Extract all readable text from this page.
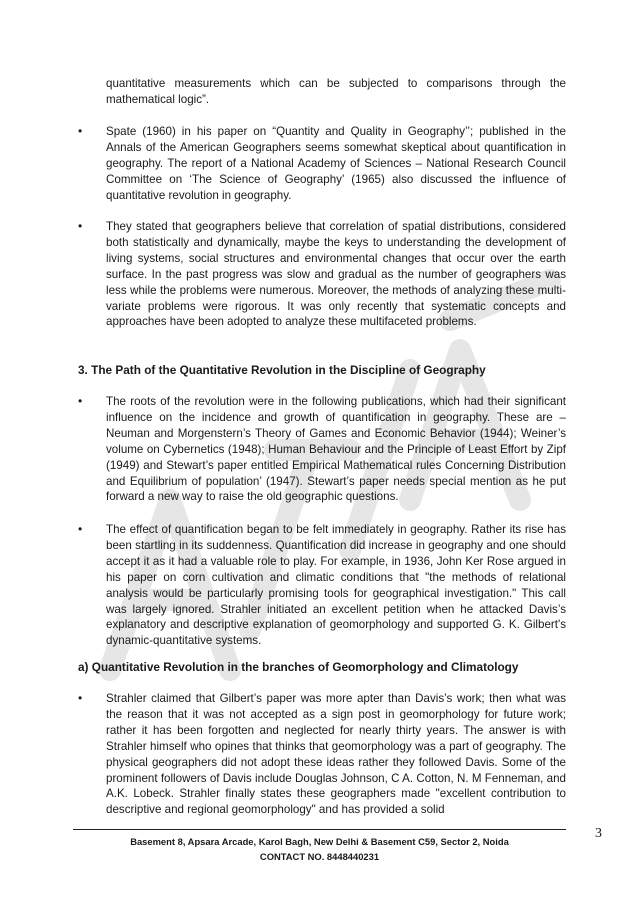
quantitative measurements which can be subjected to comparisons through the mathematical logic”.

• Spate (1960) in his paper on “Quantity and Quality in Geography’’; published in the Annals of the American Geographers seems somewhat skeptical about quantification in geography. The report of a National Academy of Sciences – National Research Council Committee on ‘The Science of Geography’ (1965) also discussed the influence of quantitative revolution in geography.

• They stated that geographers believe that correlation of spatial distributions, considered both statistically and dynamically, maybe the keys to understanding the development of living systems, social structures and environmental changes that occur over the earth surface. In the past progress was slow and gradual as the number of geographers was less while the problems were numerous. Moreover, the methods of analyzing these multi-variate problems were rigorous. It was only recently that systematic concepts and approaches have been adopted to analyze these multifaceted problems.

3. The Path of the Quantitative Revolution in the Discipline of Geography

• The roots of the revolution were in the following publications, which had their significant influence on the incidence and growth of quantification in geography. These are – Neuman and Morgenstern’s Theory of Games and Economic Behavior (1944); Weiner’s volume on Cybernetics (1948); Human Behaviour and the Principle of Least Effort by Zipf (1949) and Stewart’s paper entitled Empirical Mathematical rules Concerning Distribution and Equilibrium of population’ (1947). Stewart’s paper needs special mention as he put forward a new way to raise the old geographic questions.

• The effect of quantification began to be felt immediately in geography. Rather its rise has been startling in its suddenness. Quantification did increase in geography and one should accept it as it had a valuable role to play. For example, in 1936, John Ker Rose argued in his paper on corn cultivation and climatic conditions that "the methods of relational analysis would be particularly promising tools for geographical investigation." This call was largely ignored. Strahler initiated an excellent petition when he attacked Davis’s explanatory and descriptive explanation of geomorphology and supported G. K. Gilbert's dynamic-quantitative systems.

a) Quantitative Revolution in the branches of Geomorphology and Climatology

• Strahler claimed that Gilbert’s paper was more apter than Davis’s work; then what was the reason that it was not accepted as a sign post in geomorphology for future work; rather it has been forgotten and neglected for nearly thirty years. The answer is with Strahler himself who opines that thinks that geomorphology was a part of geography. The physical geographers did not adopt these ideas rather they followed Davis. Some of the prominent followers of Davis include Douglas Johnson, C A. Cotton, N. M Fenneman, and A.K. Lobeck. Strahler finally states these geographers made "excellent contribution to descriptive and regional geomorphology" and has provided a solid

Basement 8, Apsara Arcade, Karol Bagh, New Delhi & Basement C59, Sector 2, Noida
CONTACT NO. 8448440231
3
